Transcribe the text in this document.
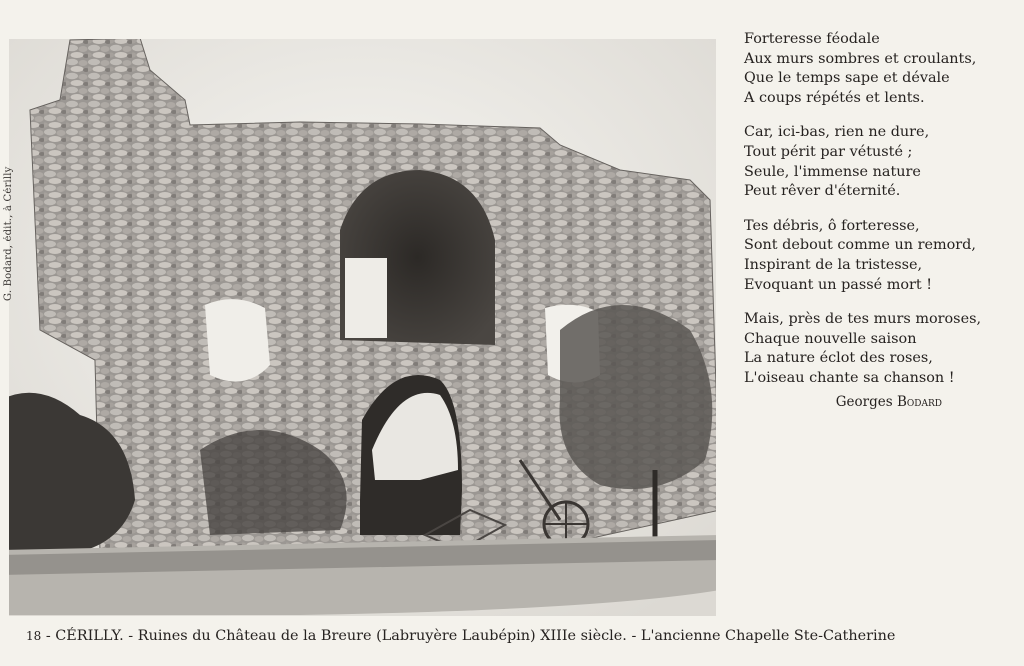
G. Bodard, édit., à Cérilly
Forteresse féodale
Aux murs sombres et croulants,
Que le temps sape et dévale
A coups répétés et lents.
Car, ici-bas, rien ne dure,
Tout périt par vétusté ;
Seule, l'immense nature
Peut rêver d'éternité.
Tes débris, ô forteresse,
Sont debout comme un remord,
Inspirant de la tristesse,
Evoquant un passé mort !
Mais, près de tes murs moroses,
Chaque nouvelle saison
La nature éclot des roses,
L'oiseau chante sa chanson !
Georges Bodard
18 - CÉRILLY. - Ruines du Château de la Breure (Labruyère Laubépin) XIIIe siècle. - L'ancienne Chapelle Ste-Catherine
